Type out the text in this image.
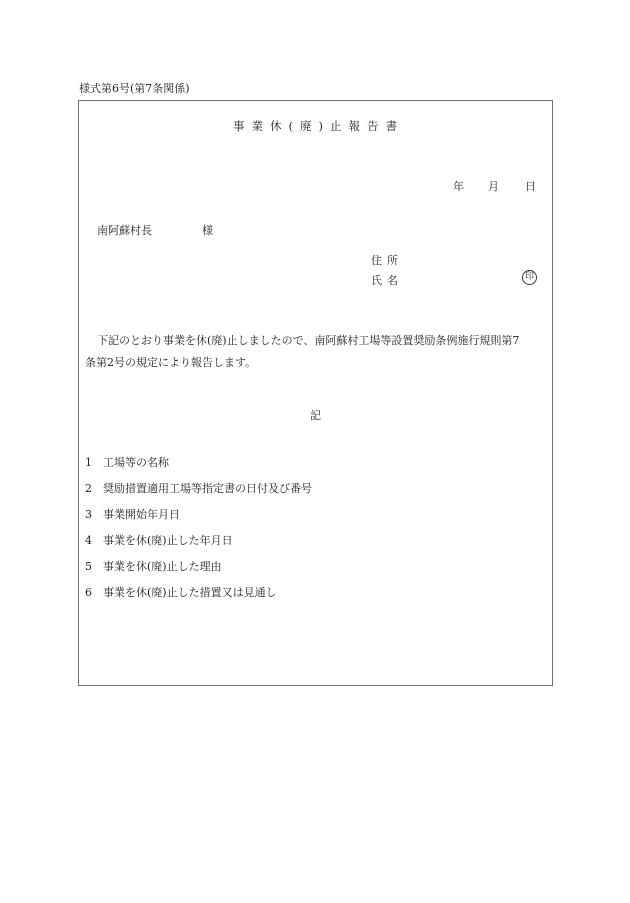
様式第6号(第7条関係)
事 業 休 ( 廃 ) 止 報 告 書
年 月 日
南阿蘇村長	様
住所
氏名	印
下記のとおり事業を休(廃)止しましたので、南阿蘇村工場等設置奨励条例施行規則第7
条第2号の規定により報告します。
記
1 工場等の名称
2 奨励措置適用工場等指定書の日付及び番号
3 事業開始年月日
4 事業を休(廃)止した年月日
5 事業を休(廃)止した理由
6 事業を休(廃)止した措置又は見通し
